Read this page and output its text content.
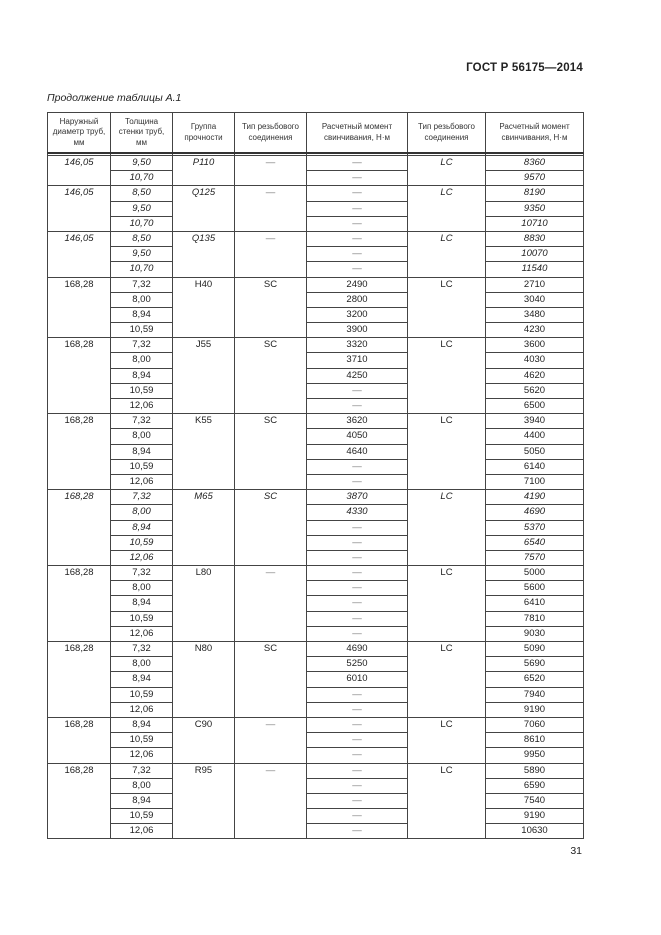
ГОСТ Р 56175—2014
Продолжение таблицы А.1
Наружный диаметр труб, мм	Толщина стенки труб, мм	Группа прочности	Тип резьбового соединения	Расчетный момент свинчивания, Н·м	Тип резьбового соединения	Расчетный момент свинчивания, Н·м

146,05	9,50	P110	—	—	LC	8360
	10,70			—		9570
146,05	8,50	Q125	—	—	LC	8190
	9,50			—		9350
	10,70			—		10710
146,05	8,50	Q135	—	—	LC	8830
	9,50			—		10070
	10,70			—		11540
168,28	7,32	H40	SC	2490	LC	2710
	8,00			2800		3040
	8,94			3200		3480
	10,59			3900		4230
168,28	7,32	J55	SC	3320	LC	3600
	8,00			3710		4030
	8,94			4250		4620
	10,59			—		5620
	12,06			—		6500
168,28	7,32	K55	SC	3620	LC	3940
	8,00			4050		4400
	8,94			4640		5050
	10,59			—		6140
	12,06			—		7100
168,28	7,32	M65	SC	3870	LC	4190
	8,00			4330		4690
	8,94			—		5370
	10,59			—		6540
	12,06			—		7570
168,28	7,32	L80	—	—	LC	5000
	8,00			—		5600
	8,94			—		6410
	10,59			—		7810
	12,06			—		9030
168,28	7,32	N80	SC	4690	LC	5090
	8,00			5250		5690
	8,94			6010		6520
	10,59			—		7940
	12,06			—		9190
168,28	8,94	C90	—	—	LC	7060
	10,59			—		8610
	12,06			—		9950
168,28	7,32	R95	—	—	LC	5890
	8,00			—		6590
	8,94			—		7540
	10,59			—		9190
	12,06			—		10630
31
